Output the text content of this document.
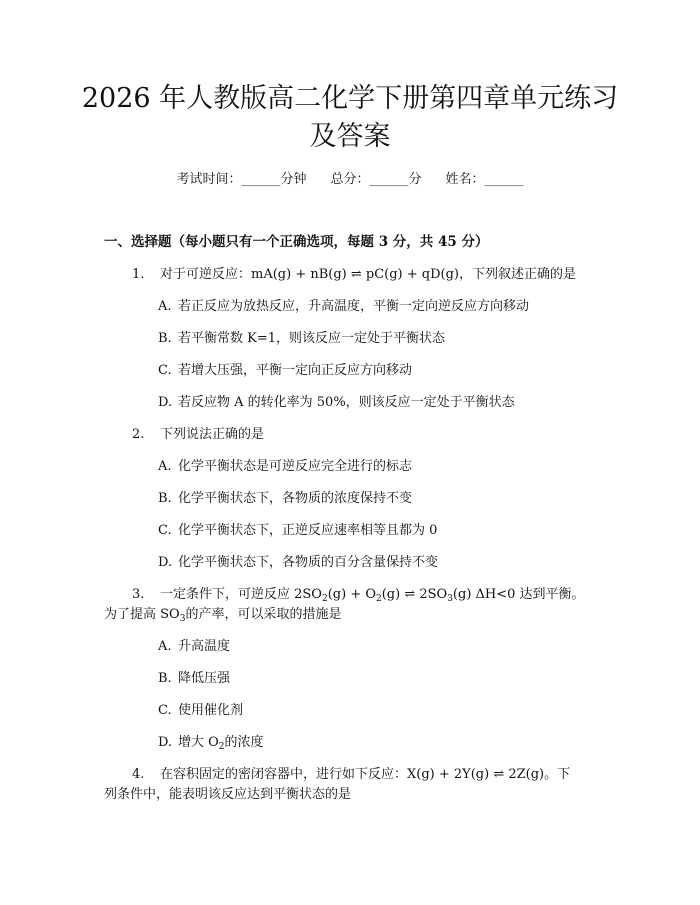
2026 年人教版高二化学下册第四章单元练习
及答案
考试时间：______分钟 总分：______分 姓名：______
一、选择题（每小题只有一个正确选项，每题 3 分，共 45 分）
1. 对于可逆反应：mA(g) + nB(g) ⇌ pC(g) + qD(g)，下列叙述正确的是
A. 若正反应为放热反应，升高温度，平衡一定向逆反应方向移动
B. 若平衡常数 K=1，则该反应一定处于平衡状态
C. 若增大压强，平衡一定向正反应方向移动
D. 若反应物 A 的转化率为 50%，则该反应一定处于平衡状态
2. 下列说法正确的是
A. 化学平衡状态是可逆反应完全进行的标志
B. 化学平衡状态下，各物质的浓度保持不变
C. 化学平衡状态下，正逆反应速率相等且都为 0
D. 化学平衡状态下，各物质的百分含量保持不变
3. 一定条件下，可逆反应 $2SO_2(g) + O_2(g)$ ⇌ $2SO_3(g)$ ΔH<0 达到平衡。
为了提高 $SO_3$的产率，可以采取的措施是
A. 升高温度
B. 降低压强
C. 使用催化剂
D. 增大 $O_2$的浓度
4. 在容积固定的密闭容器中，进行如下反应：X(g) + 2Y(g) ⇌ 2Z(g)。下
列条件中，能表明该反应达到平衡状态的是
